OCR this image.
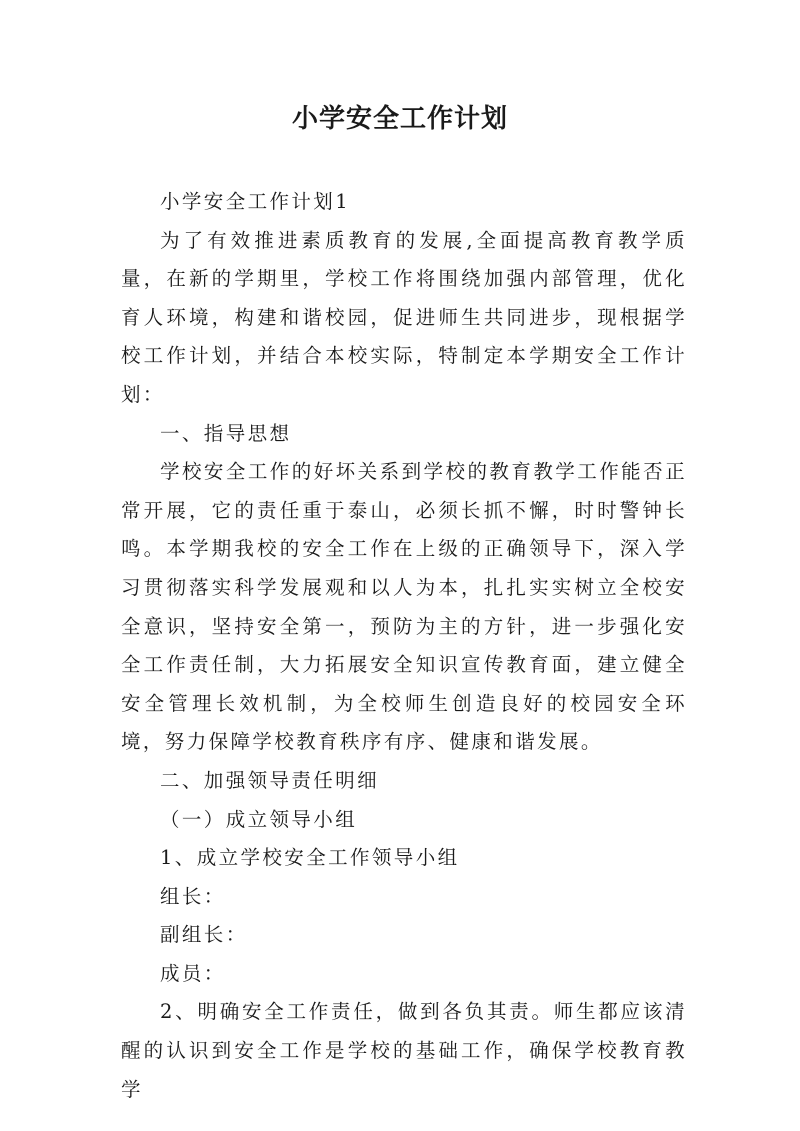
小学安全工作计划

小学安全工作计划1

为了有效推进素质教育的发展,全面提高教育教学质量，在新的学期里，学校工作将围绕加强内部管理，优化育人环境，构建和谐校园，促进师生共同进步，现根据学校工作计划，并结合本校实际，特制定本学期安全工作计划：

一、指导思想

学校安全工作的好坏关系到学校的教育教学工作能否正常开展，它的责任重于泰山，必须长抓不懈，时时警钟长鸣。本学期我校的安全工作在上级的正确领导下，深入学习贯彻落实科学发展观和以人为本，扎扎实实树立全校安全意识，坚持安全第一，预防为主的方针，进一步强化安全工作责任制，大力拓展安全知识宣传教育面，建立健全安全管理长效机制，为全校师生创造良好的校园安全环境，努力保障学校教育秩序有序、健康和谐发展。

二、加强领导责任明细

（一）成立领导小组

1、成立学校安全工作领导小组

组长：

副组长：

成员：

2、明确安全工作责任，做到各负其责。师生都应该清醒的认识到安全工作是学校的基础工作，确保学校教育教学
